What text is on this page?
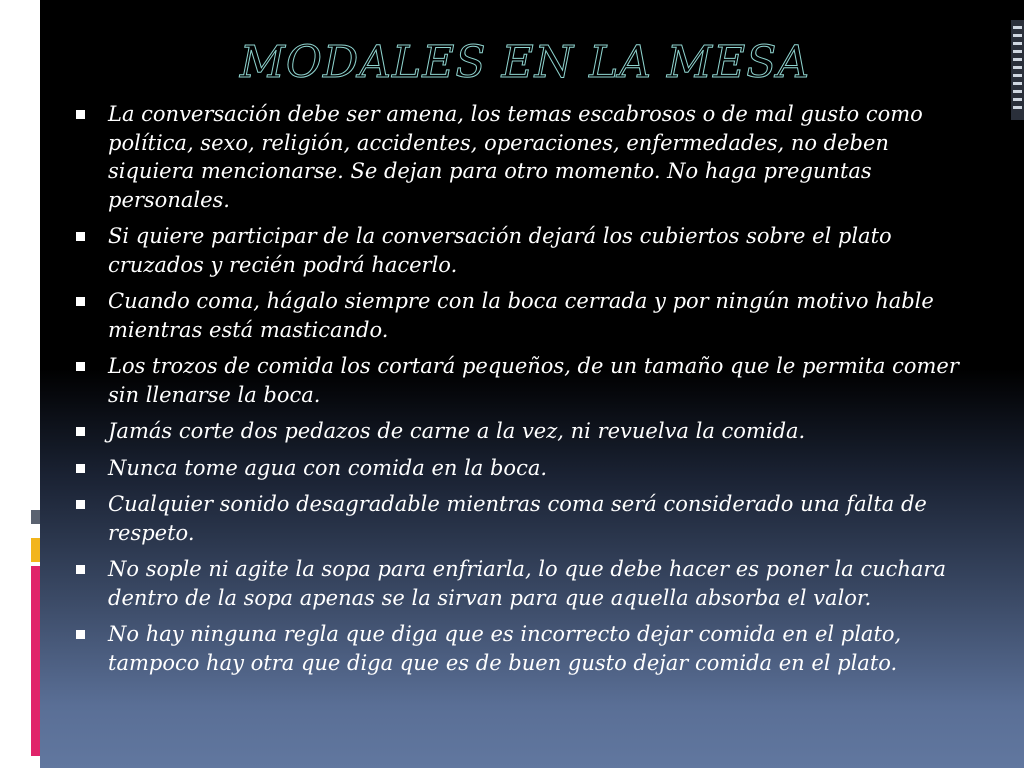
MODALES EN LA MESA
La conversación debe ser amena, los temas escabrosos o de mal gusto como política, sexo, religión, accidentes, operaciones, enfermedades, no deben siquiera mencionarse. Se dejan para otro momento. No haga preguntas personales.
Si quiere participar de la conversación dejará los cubiertos sobre el plato cruzados y recién podrá hacerlo.
Cuando coma, hágalo siempre con la boca cerrada y por ningún motivo hable mientras está masticando.
Los trozos de comida los cortará pequeños, de un tamaño que le permita comer sin llenarse la boca.
Jamás corte dos pedazos de carne a la vez, ni revuelva la comida.
Nunca tome agua con comida en la boca.
Cualquier sonido desagradable mientras coma será considerado una falta de respeto.
No sople ni agite la sopa para enfriarla, lo que debe hacer es poner la cuchara dentro de la sopa apenas se la sirvan para que aquella absorba el valor.
No hay ninguna regla que diga que es incorrecto dejar comida en el plato, tampoco hay otra que diga que es de buen gusto dejar comida en el plato.
